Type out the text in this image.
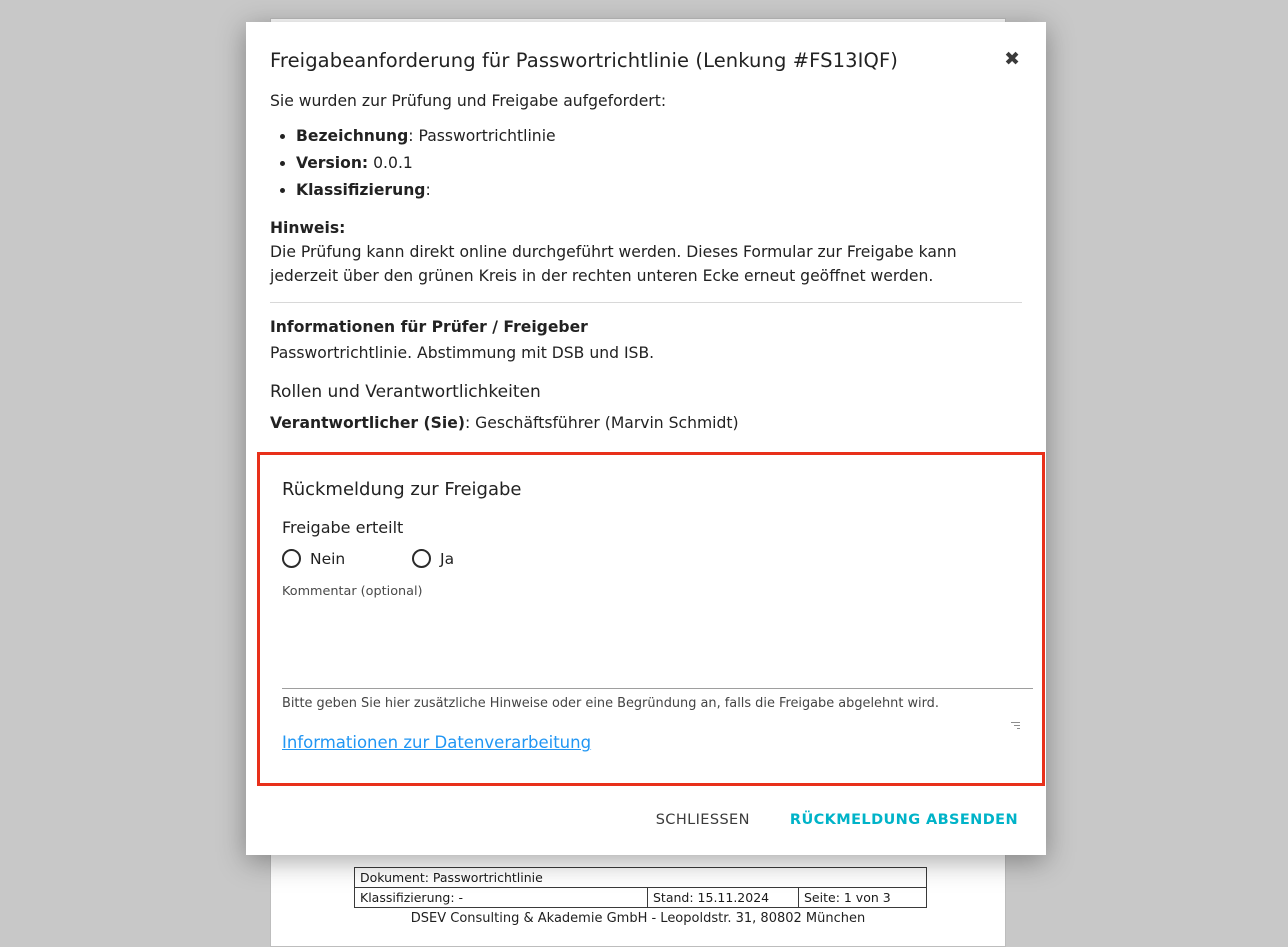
Dokument: Passwortrichtlinie
Klassifizierung: -	Stand: 15.11.2024	Seite: 1 von 3
DSEV Consulting & Akademie GmbH - Leopoldstr. 31, 80802 München
Freigabeanforderung für Passwortrichtlinie (Lenkung #FS13IQF)	✖
Sie wurden zur Prüfung und Freigabe aufgefordert:
• Bezeichnung: Passwortrichtlinie
• Version: 0.0.1
• Klassifizierung:
Hinweis:
Die Prüfung kann direkt online durchgeführt werden. Dieses Formular zur Freigabe kann jederzeit über den grünen Kreis in der rechten unteren Ecke erneut geöffnet werden.
Informationen für Prüfer / Freigeber
Passwortrichtlinie. Abstimmung mit DSB und ISB.
Rollen und Verantwortlichkeiten
Verantwortlicher (Sie): Geschäftsführer (Marvin Schmidt)
Rückmeldung zur Freigabe
Freigabe erteilt
Nein	Ja
Kommentar (optional)
Bitte geben Sie hier zusätzliche Hinweise oder eine Begründung an, falls die Freigabe abgelehnt wird.
Informationen zur Datenverarbeitung
SCHLIESSEN	RÜCKMELDUNG ABSENDEN
